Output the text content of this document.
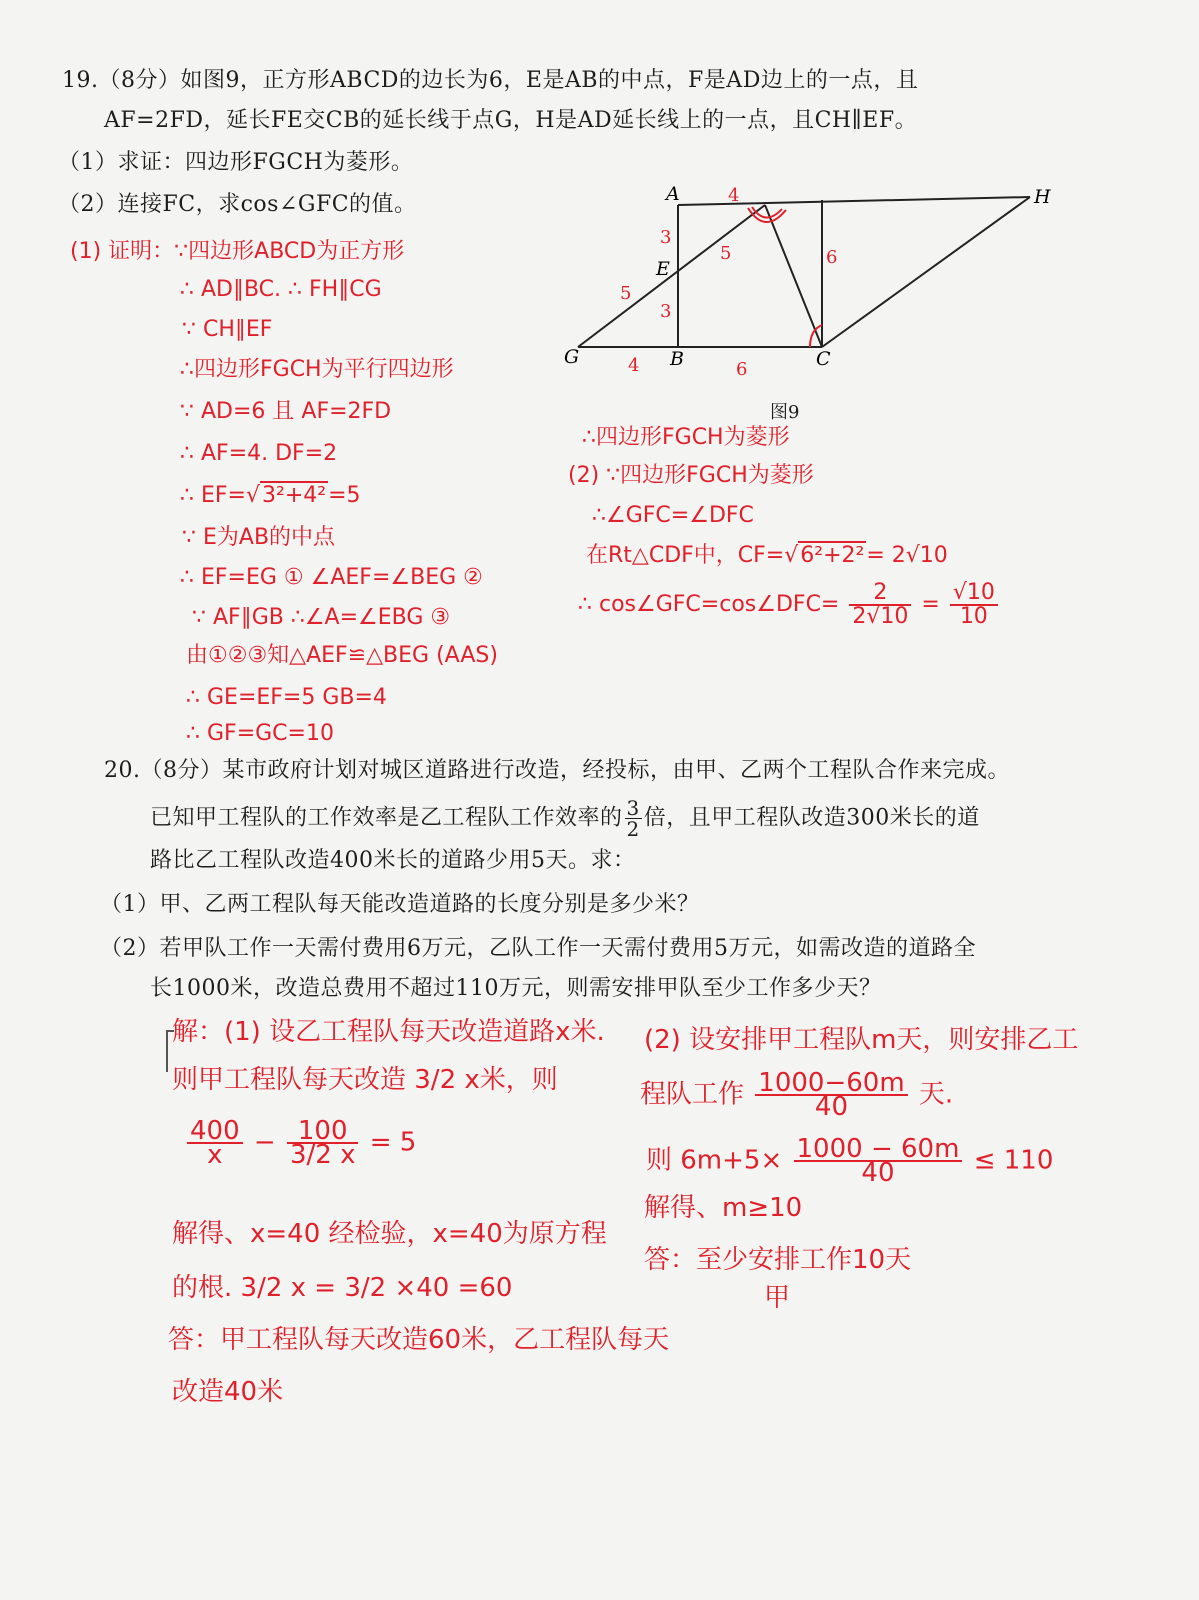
19.（8分）如图9，正方形ABCD的边长为6，E是AB的中点，F是AD边上的一点，且
AF=2FD，延长FE交CB的延长线于点G，H是AD延长线上的一点，且CH∥EF。
（1）求证：四边形FGCH为菱形。
（2）连接FC，求cos∠GFC的值。	A	H
E
G	B	C
3
3
4	6
5
5
6
4
图9
(1) 证明：∵四边形ABCD为正方形
∴ AD∥BC. ∴ FH∥CG
∵ CH∥EF
∴四边形FGCH为平行四边形
∵ AD=6 且 AF=2FD
∴ AF=4. DF=2
∴ EF=√3²+4²=5
∵ E为AB的中点
∴ EF=EG ① ∠AEF=∠BEG ②
∵ AF∥GB ∴∠A=∠EBG ③
由①②③知△AEF≌△BEG (AAS)
∴ GE=EF=5 GB=4
∴ GF=GC=10
∴四边形FGCH为菱形
(2) ∵四边形FGCH为菱形
∴∠GFC=∠DFC
在Rt△CDF中，CF=√6²+2²= 2√10
∴ cos∠GFC=cos∠DFC= $\frac{2}{2√10} = \frac{√10}{10}$
20.（8分）某市政府计划对城区道路进行改造，经投标，由甲、乙两个工程队合作来完成。
已知甲工程队的工作效率是乙工程队工作效率的 $\frac{3}{2}$ 倍，且甲工程队改造300米长的道
路比乙工程队改造400米长的道路少用5天。求：
（1）甲、乙两工程队每天能改造道路的长度分别是多少米？
（2）若甲队工作一天需付费用6万元，乙队工作一天需付费用5万元，如需改造的道路全
长1000米，改造总费用不超过110万元，则需安排甲队至少工作多少天？
解：(1) 设乙工程队每天改造道路x米.
则甲工程队每天改造 3/2 x米，则
$\frac{400}{x} - \frac{100}{3/2 x} = 5$
解得、x=40 经检验，x=40为原方程
的根. 3/2 x = 3/2 ×40 =60
答：甲工程队每天改造60米，乙工程队每天
改造40米
(2) 设安排甲工程队m天，则安排乙工
程队工作 $\frac{1000-60m}{40}$ 天.
则 $6m+5\times \frac{1000 - 60m}{40} \le 110$
解得、m≥10
答：至少安排工作10天
甲
